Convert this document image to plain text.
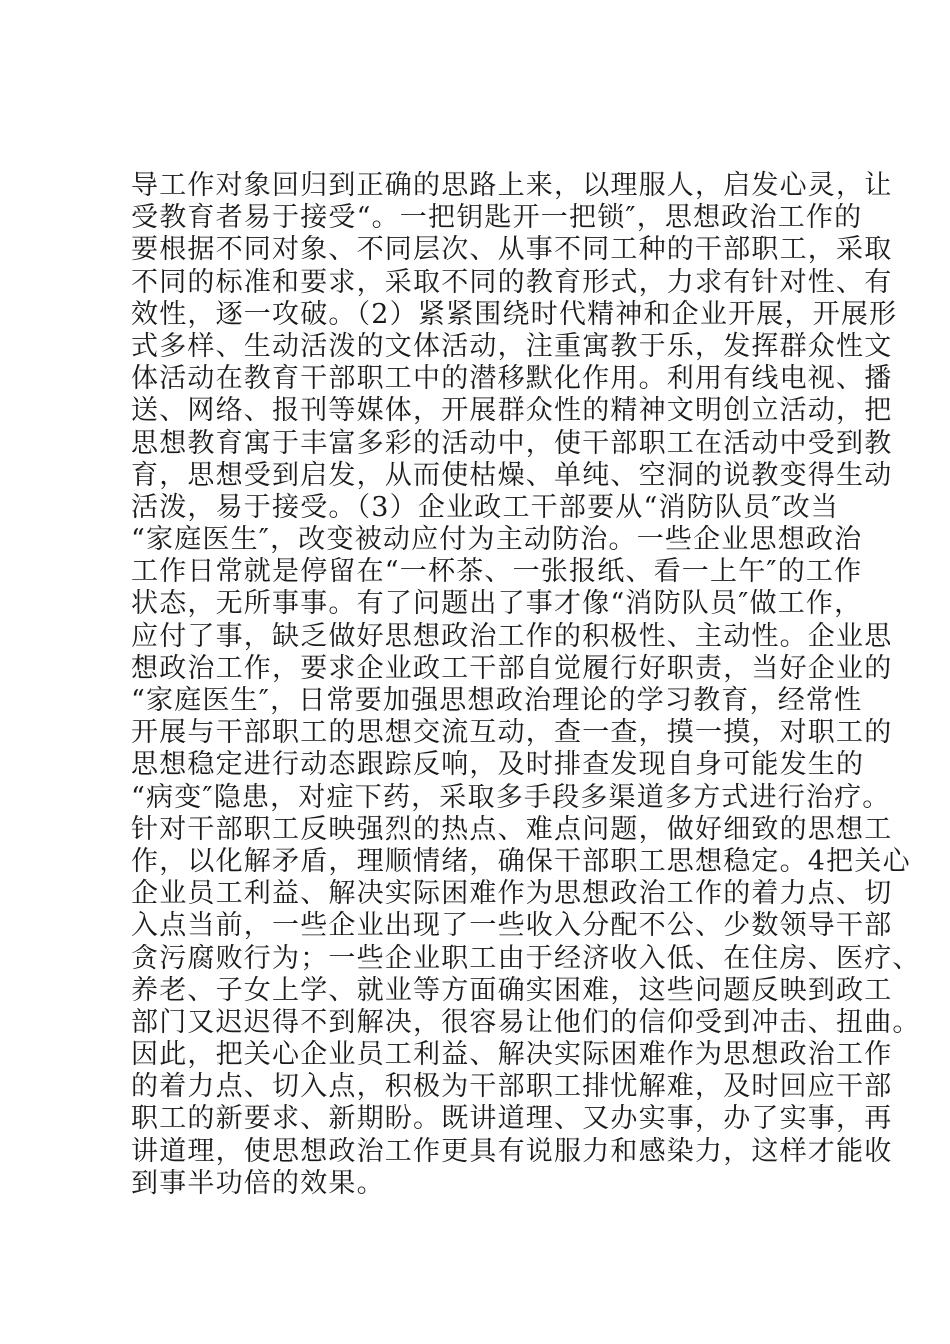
导工作对象回归到正确的思路上来，以理服人，启发心灵，让
受教育者易于接受“。一把钥匙开一把锁″，思想政治工作的
要根据不同对象、不同层次、从事不同工种的干部职工，采取
不同的标准和要求，采取不同的教育形式，力求有针对性、有
效性，逐一攻破。（2）紧紧围绕时代精神和企业开展，开展形
式多样、生动活泼的文体活动，注重寓教于乐，发挥群众性文
体活动在教育干部职工中的潜移默化作用。利用有线电视、播
送、网络、报刊等媒体，开展群众性的精神文明创立活动，把
思想教育寓于丰富多彩的活动中，使干部职工在活动中受到教
育，思想受到启发，从而使枯燥、单纯、空洞的说教变得生动
活泼，易于接受。（3）企业政工干部要从“消防队员″改当
“家庭医生″，改变被动应付为主动防治。一些企业思想政治
工作日常就是停留在“一杯茶、一张报纸、看一上午″的工作
状态，无所事事。有了问题出了事才像“消防队员″做工作，
应付了事，缺乏做好思想政治工作的积极性、主动性。企业思
想政治工作，要求企业政工干部自觉履行好职责，当好企业的
“家庭医生″，日常要加强思想政治理论的学习教育，经常性
开展与干部职工的思想交流互动，查一查，摸一摸，对职工的
思想稳定进行动态跟踪反响，及时排查发现自身可能发生的
“病变″隐患，对症下药，采取多手段多渠道多方式进行治疗。
针对干部职工反映强烈的热点、难点问题，做好细致的思想工
作，以化解矛盾，理顺情绪，确保干部职工思想稳定。4把关心
企业员工利益、解决实际困难作为思想政治工作的着力点、切
入点当前，一些企业出现了一些收入分配不公、少数领导干部
贪污腐败行为；一些企业职工由于经济收入低、在住房、医疗、
养老、子女上学、就业等方面确实困难，这些问题反映到政工
部门又迟迟得不到解决，很容易让他们的信仰受到冲击、扭曲。
因此，把关心企业员工利益、解决实际困难作为思想政治工作
的着力点、切入点，积极为干部职工排忧解难，及时回应干部
职工的新要求、新期盼。既讲道理、又办实事，办了实事，再
讲道理，使思想政治工作更具有说服力和感染力，这样才能收
到事半功倍的效果。
